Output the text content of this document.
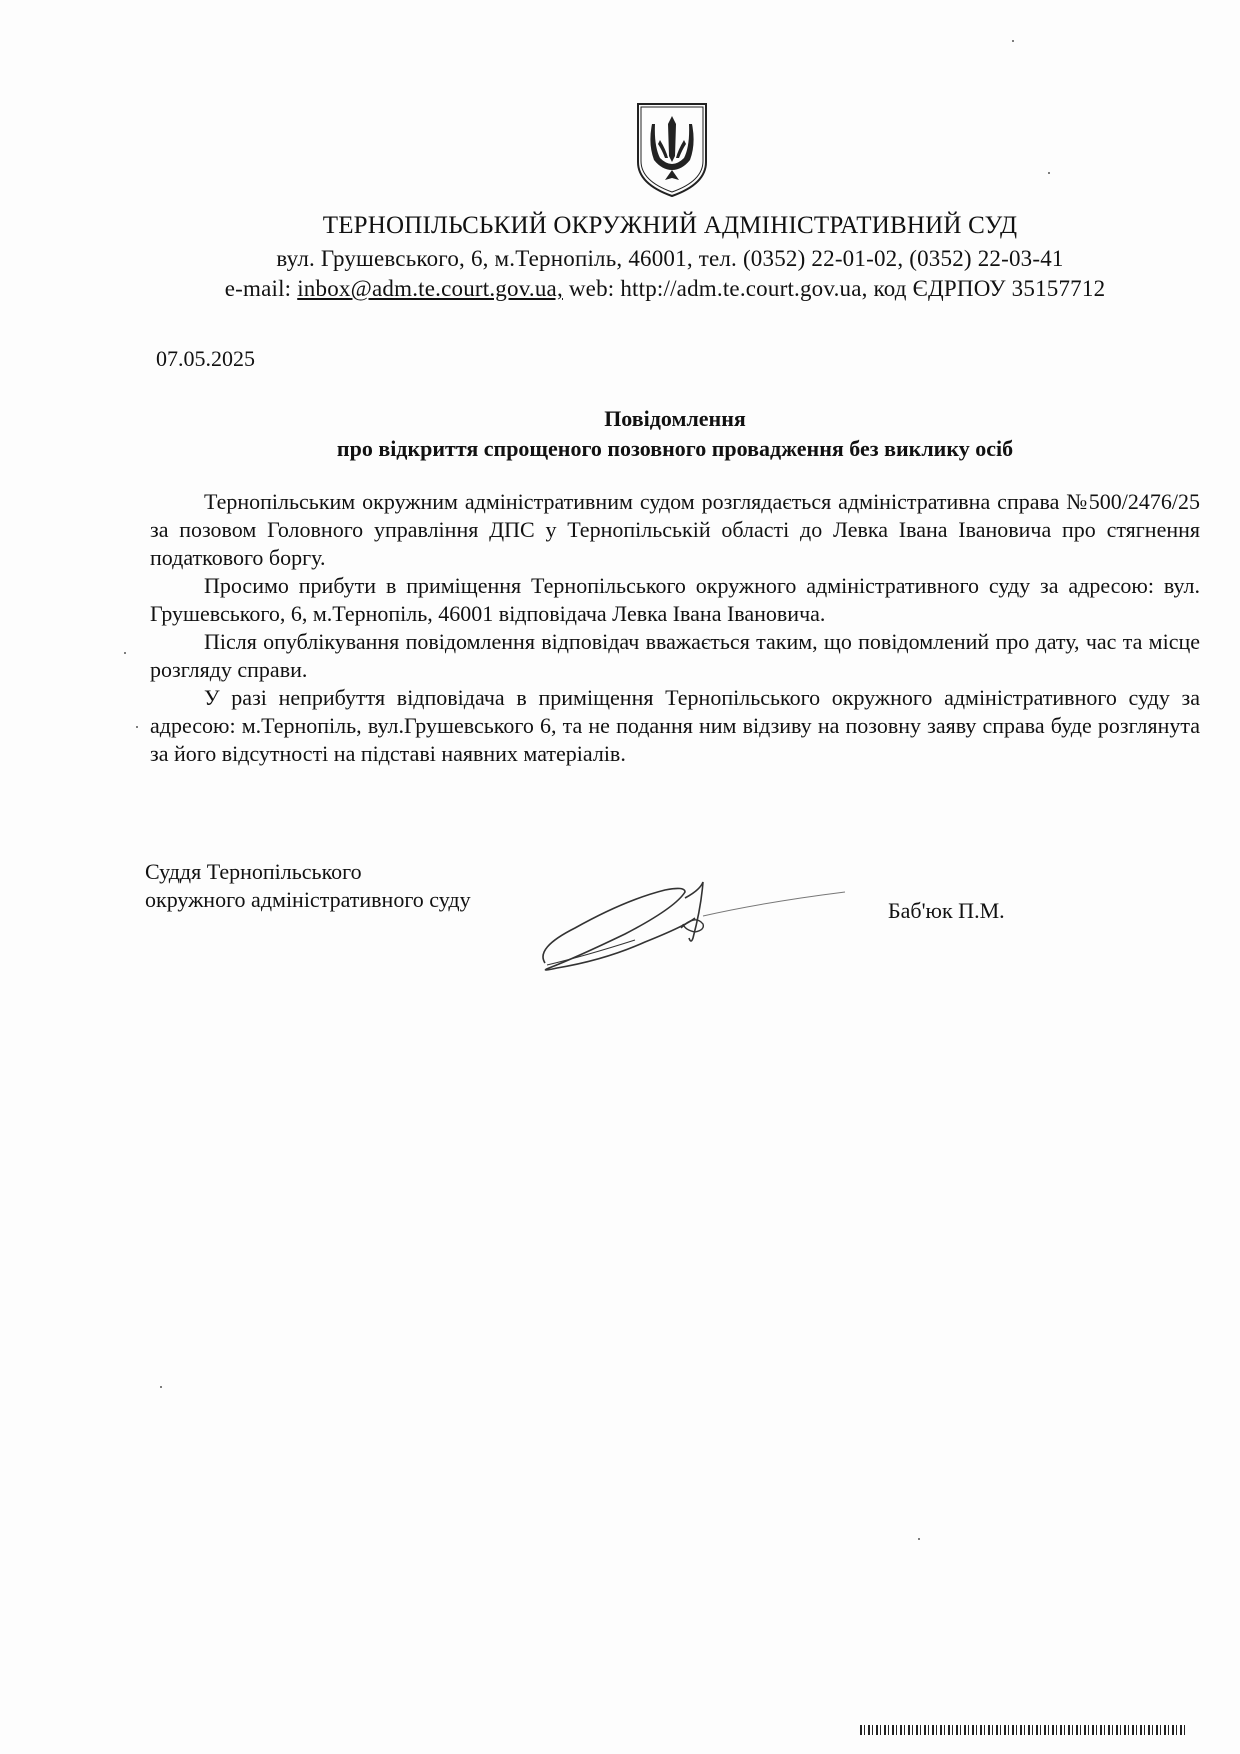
ТЕРНОПІЛЬСЬКИЙ ОКРУЖНИЙ АДМІНІСТРАТИВНИЙ СУД
вул. Грушевського, 6, м.Тернопіль, 46001, тел. (0352) 22-01-02, (0352) 22-03-41
e-mail: inbox@adm.te.court.gov.ua, web: http://adm.te.court.gov.ua, код ЄДРПОУ 35157712
07.05.2025
Повідомлення
про відкриття спрощеного позовного провадження без виклику осіб

Тернопільським окружним адміністративним судом розглядається адміністративна справа №500/2476/25 за позовом Головного управління ДПС у Тернопільській області до Левка Івана Івановича про стягнення податкового боргу.

Просимо прибути в приміщення Тернопільського окружного адміністративного суду за адресою: вул. Грушевського, 6, м.Тернопіль, 46001 відповідача Левка Івана Івановича.

Після опублікування повідомлення відповідач вважається таким, що повідомлений про дату, час та місце розгляду справи.

У разі неприбуття відповідача в приміщення Тернопільського окружного адміністративного суду за адресою: м.Тернопіль, вул.Грушевського 6, та не подання ним відзиву на позовну заяву справа буде розглянута за його відсутності на підставі наявних матеріалів.

Суддя Тернопільського
окружного адміністративного суду	Баб'юк П.М.
